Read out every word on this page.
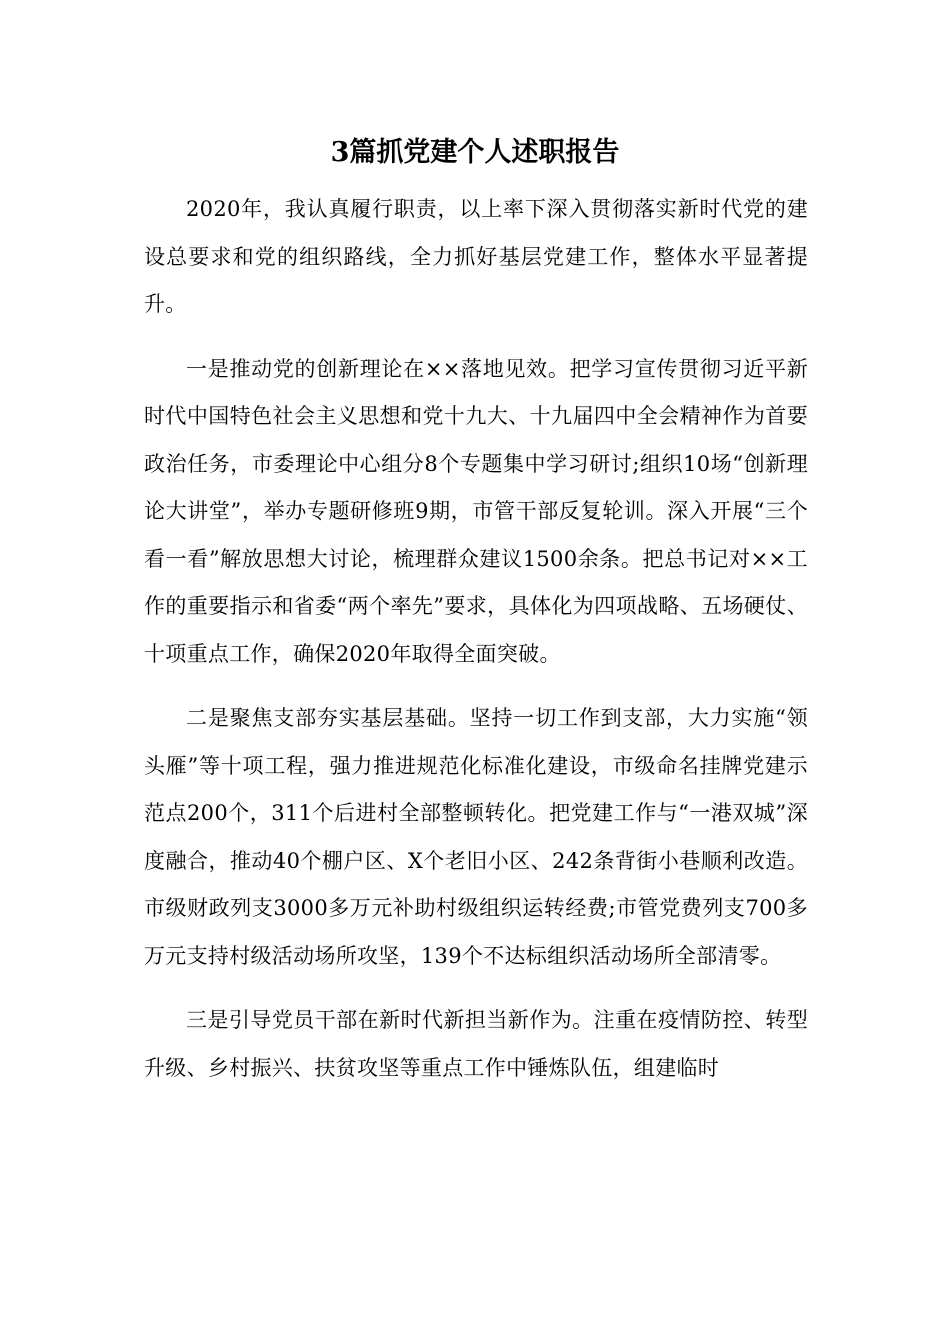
3篇抓党建个人述职报告

2020年，我认真履行职责，以上率下深入贯彻落实新时代党的建设总要求和党的组织路线，全力抓好基层党建工作，整体水平显著提升。

一是推动党的创新理论在××落地见效。把学习宣传贯彻习近平新时代中国特色社会主义思想和党十九大、十九届四中全会精神作为首要政治任务，市委理论中心组分8个专题集中学习研讨;组织10场“创新理论大讲堂”，举办专题研修班9期，市管干部反复轮训。深入开展“三个看一看”解放思想大讨论，梳理群众建议1500余条。把总书记对××工作的重要指示和省委“两个率先”要求，具体化为四项战略、五场硬仗、十项重点工作，确保2020年取得全面突破。

二是聚焦支部夯实基层基础。坚持一切工作到支部，大力实施“领头雁”等十项工程，强力推进规范化标准化建设，市级命名挂牌党建示范点200个，311个后进村全部整顿转化。把党建工作与“一港双城”深度融合，推动40个棚户区、X个老旧小区、242条背街小巷顺利改造。市级财政列支3000多万元补助村级组织运转经费;市管党费列支700多万元支持村级活动场所攻坚，139个不达标组织活动场所全部清零。

三是引导党员干部在新时代新担当新作为。注重在疫情防控、转型升级、乡村振兴、扶贫攻坚等重点工作中锤炼队伍，组建临时
